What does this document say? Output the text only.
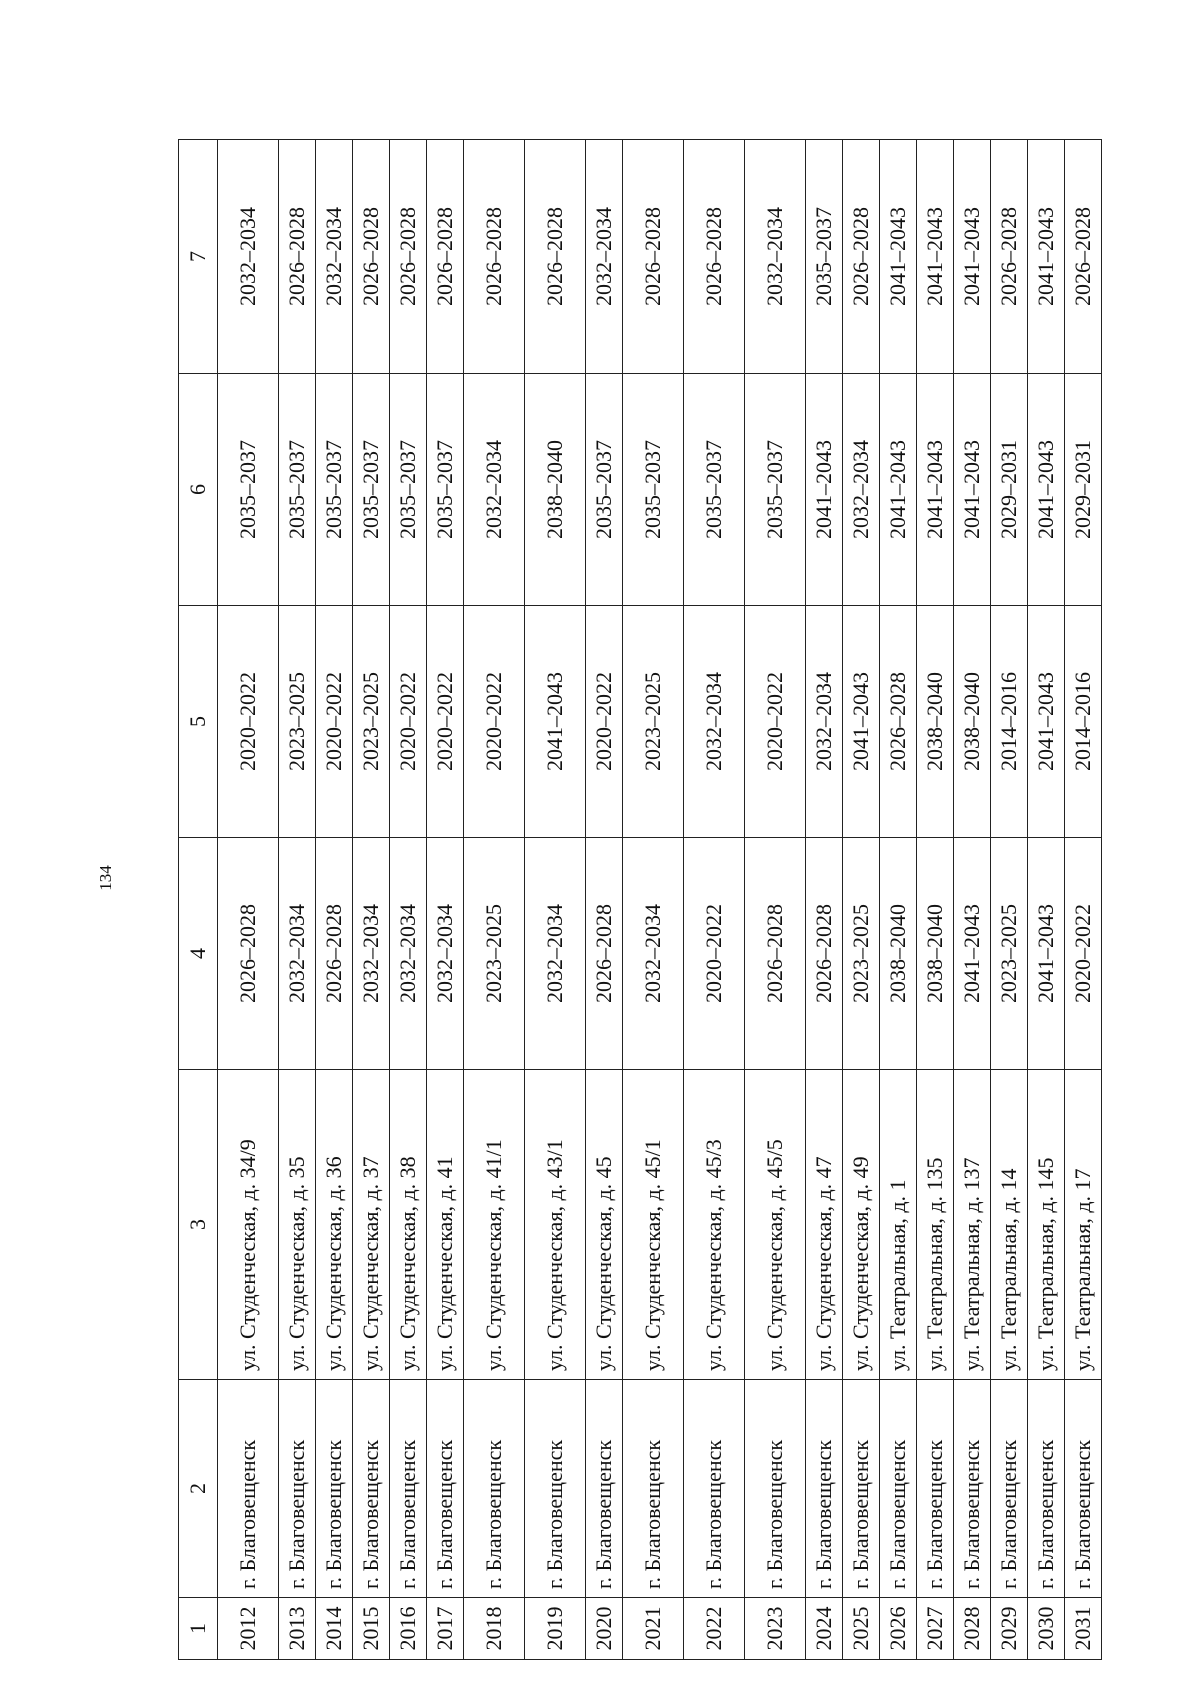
134
1	2	3	4	5	6	7
2012	г. Благовещенск	ул. Студенческая, д. 34/9	2026–2028	2020–2022	2035–2037	2032–2034
2013	г. Благовещенск	ул. Студенческая, д. 35	2032–2034	2023–2025	2035–2037	2026–2028
2014	г. Благовещенск	ул. Студенческая, д. 36	2026–2028	2020–2022	2035–2037	2032–2034
2015	г. Благовещенск	ул. Студенческая, д. 37	2032–2034	2023–2025	2035–2037	2026–2028
2016	г. Благовещенск	ул. Студенческая, д. 38	2032–2034	2020–2022	2035–2037	2026–2028
2017	г. Благовещенск	ул. Студенческая, д. 41	2032–2034	2020–2022	2035–2037	2026–2028
2018	г. Благовещенск	ул. Студенческая, д. 41/1	2023–2025	2020–2022	2032–2034	2026–2028
2019	г. Благовещенск	ул. Студенческая, д. 43/1	2032–2034	2041–2043	2038–2040	2026–2028
2020	г. Благовещенск	ул. Студенческая, д. 45	2026–2028	2020–2022	2035–2037	2032–2034
2021	г. Благовещенск	ул. Студенческая, д. 45/1	2032–2034	2023–2025	2035–2037	2026–2028
2022	г. Благовещенск	ул. Студенческая, д. 45/3	2020–2022	2032–2034	2035–2037	2026–2028
2023	г. Благовещенск	ул. Студенческая, д. 45/5	2026–2028	2020–2022	2035–2037	2032–2034
2024	г. Благовещенск	ул. Студенческая, д. 47	2026–2028	2032–2034	2041–2043	2035–2037
2025	г. Благовещенск	ул. Студенческая, д. 49	2023–2025	2041–2043	2032–2034	2026–2028
2026	г. Благовещенск	ул. Театральная, д. 1	2038–2040	2026–2028	2041–2043	2041–2043
2027	г. Благовещенск	ул. Театральная, д. 135	2038–2040	2038–2040	2041–2043	2041–2043
2028	г. Благовещенск	ул. Театральная, д. 137	2041–2043	2038–2040	2041–2043	2041–2043
2029	г. Благовещенск	ул. Театральная, д. 14	2023–2025	2014–2016	2029–2031	2026–2028
2030	г. Благовещенск	ул. Театральная, д. 145	2041–2043	2041–2043	2041–2043	2041–2043
2031	г. Благовещенск	ул. Театральная, д. 17	2020–2022	2014–2016	2029–2031	2026–2028
